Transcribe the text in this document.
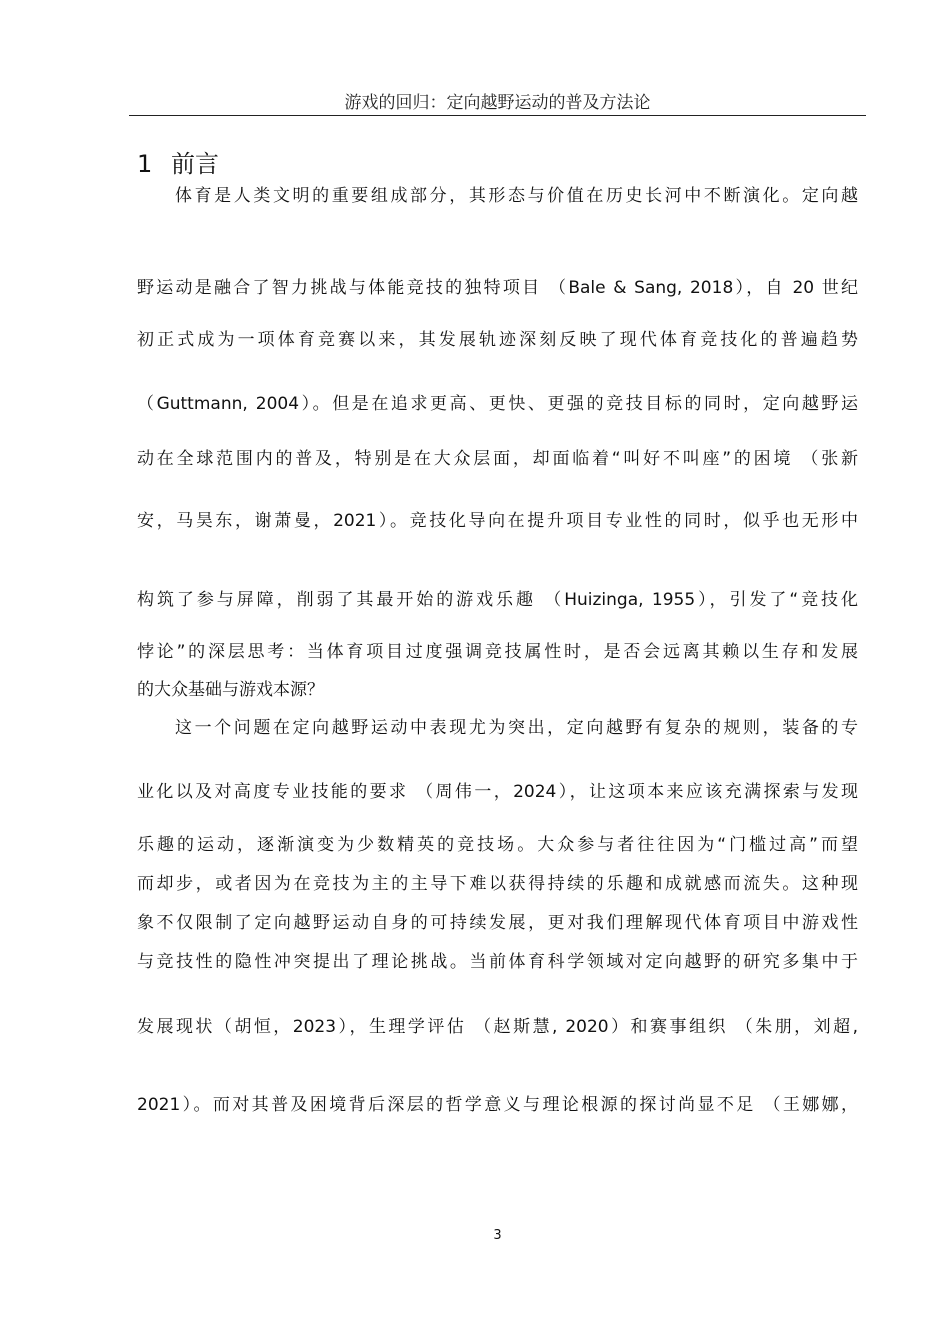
游戏的回归：定向越野运动的普及方法论
1 前言
体育是人类文明的重要组成部分，其形态与价值在历史长河中不断演化。定向越
野运动是融合了智力挑战与体能竞技的独特项目 （Bale & Sang, 2018），自 20 世纪
初正式成为一项体育竞赛以来，其发展轨迹深刻反映了现代体育竞技化的普遍趋势
（Guttmann, 2004）。但是在追求更高、更快、更强的竞技目标的同时，定向越野运
动在全球范围内的普及，特别是在大众层面，却面临着“叫好不叫座”的困境 （张新
安，马昊东，谢萧曼，2021）。竞技化导向在提升项目专业性的同时，似乎也无形中
构筑了参与屏障，削弱了其最开始的游戏乐趣 （Huizinga, 1955），引发了“竞技化
悖论”的深层思考：当体育项目过度强调竞技属性时，是否会远离其赖以生存和发展
的大众基础与游戏本源？
这一个问题在定向越野运动中表现尤为突出，定向越野有复杂的规则，装备的专
业化以及对高度专业技能的要求 （周伟一，2024），让这项本来应该充满探索与发现
乐趣的运动，逐渐演变为少数精英的竞技场。大众参与者往往因为“门槛过高”而望
而却步，或者因为在竞技为主的主导下难以获得持续的乐趣和成就感而流失。这种现
象不仅限制了定向越野运动自身的可持续发展，更对我们理解现代体育项目中游戏性
与竞技性的隐性冲突提出了理论挑战。当前体育科学领域对定向越野的研究多集中于
发展现状（胡恒，2023），生理学评估 （赵斯慧, 2020）和赛事组织 （朱朋，刘超,
2021）。而对其普及困境背后深层的哲学意义与理论根源的探讨尚显不足 （王娜娜，
3
